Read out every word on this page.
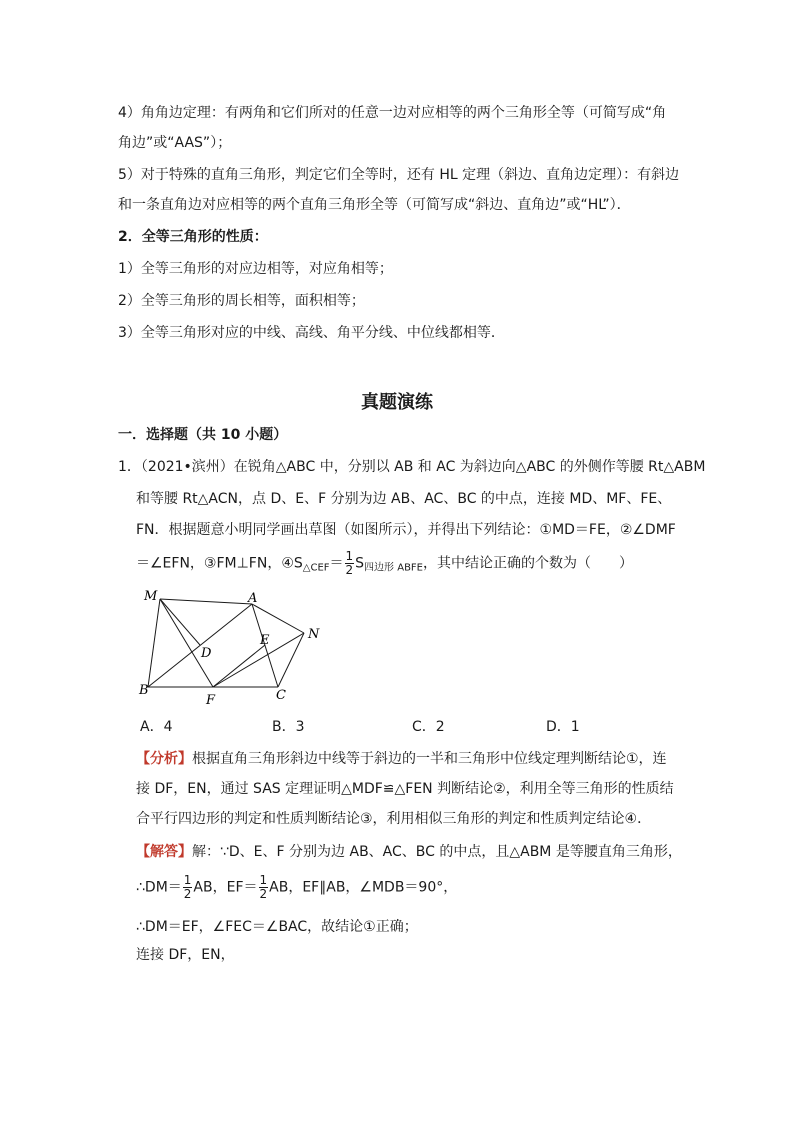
4）角角边定理：有两角和它们所对的任意一边对应相等的两个三角形全等（可简写成“角
角边”或“AAS”）；
5）对于特殊的直角三角形，判定它们全等时，还有 HL 定理（斜边、直角边定理）：有斜边
和一条直角边对应相等的两个直角三角形全等（可简写成“斜边、直角边”或“HL”）．
2．全等三角形的性质：
1）全等三角形的对应边相等，对应角相等；
2）全等三角形的周长相等，面积相等；
3）全等三角形对应的中线、高线、角平分线、中位线都相等．
真题演练
一．选择题（共 10 小题）
1．（2021•滨州）在锐角△ABC 中，分别以 AB 和 AC 为斜边向△ABC 的外侧作等腰 Rt△ABM
和等腰 Rt△ACN，点 D、E、F 分别为边 AB、AC、BC 的中点，连接 MD、MF、FE、
FN．根据题意小明同学画出草图（如图所示），并得出下列结论：①MD＝FE，②∠DMF
＝∠EFN，③FM⊥FN，$④S_{\triangle CEF}= \frac{1}{2} S_{四边形 ABFE}$，其中结论正确的个数为（　　）
M	A
N
E
D
B
F	C
A．4	B．3	C．2	D．1
【分析】根据直角三角形斜边中线等于斜边的一半和三角形中位线定理判断结论①，连
接 DF，EN，通过 SAS 定理证明△MDF≌△FEN 判断结论②，利用全等三角形的性质结
合平行四边形的判定和性质判断结论③，利用相似三角形的判定和性质判定结论④．
【解答】解：∵D、E、F 分别为边 AB、AC、BC 的中点，且△ABM 是等腰直角三角形，
∴DM＝ $\frac{1}{2}$ AB，$EF= \frac{1}{2}$ AB，EF∥AB，∠MDB＝90°，
∴DM＝EF，∠FEC＝∠BAC，故结论①正确；
连接 DF，EN，
